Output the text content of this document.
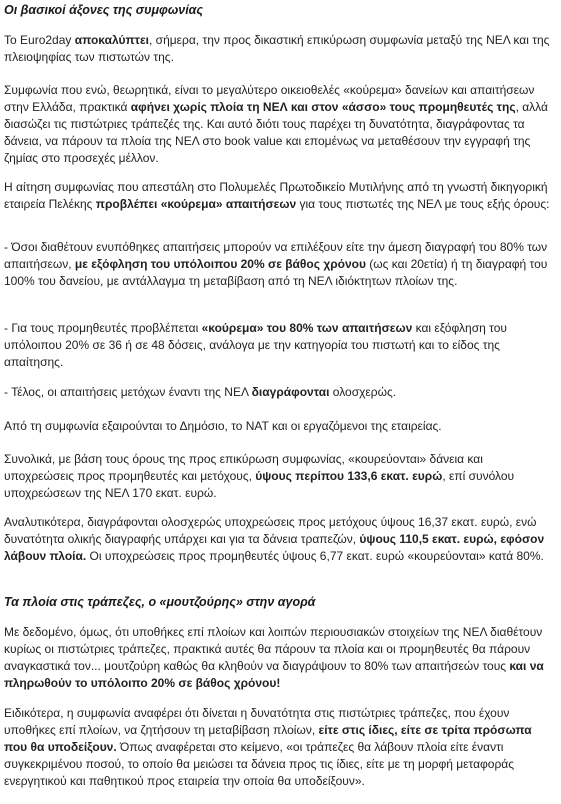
Οι βασικοί άξονες της συμφωνίας

Το Euro2day αποκαλύπτει, σήμερα, την προς δικαστική επικύρωση συμφωνία μεταξύ της ΝΕΛ και της πλειοψηφίας των πιστωτών της.

Συμφωνία που ενώ, θεωρητικά, είναι το μεγαλύτερο οικειοθελές «κούρεμα» δανείων και απαιτήσεων στην Ελλάδα, πρακτικά αφήνει χωρίς πλοία τη ΝΕΛ και στον «άσσο» τους προμηθευτές της, αλλά διασώζει τις πιστώτριες τράπεζές της. Και αυτό διότι τους παρέχει τη δυνατότητα, διαγράφοντας τα δάνεια, να πάρουν τα πλοία της ΝΕΛ στο book value και επομένως να μεταθέσουν την εγγραφή της ζημίας στο προσεχές μέλλον.

Η αίτηση συμφωνίας που απεστάλη στο Πολυμελές Πρωτοδικείο Μυτιλήνης από τη γνωστή δικηγορική εταιρεία Πελέκης προβλέπει «κούρεμα» απαιτήσεων για τους πιστωτές της ΝΕΛ με τους εξής όρους:

- Όσοι διαθέτουν ενυπόθηκες απαιτήσεις μπορούν να επιλέξουν είτε την άμεση διαγραφή του 80% των απαιτήσεων, με εξόφληση του υπόλοιπου 20% σε βάθος χρόνου (ως και 20ετία) ή τη διαγραφή του 100% του δανείου, με αντάλλαγμα τη μεταβίβαση από τη ΝΕΛ ιδιόκτητων πλοίων της.

- Για τους προμηθευτές προβλέπεται «κούρεμα» του 80% των απαιτήσεων και εξόφληση του υπόλοιπου 20% σε 36 ή σε 48 δόσεις, ανάλογα με την κατηγορία του πιστωτή και το είδος της απαίτησης.

- Τέλος, οι απαιτήσεις μετόχων έναντι της ΝΕΛ διαγράφονται ολοσχερώς.

Από τη συμφωνία εξαιρούνται το Δημόσιο, το ΝΑΤ και οι εργαζόμενοι της εταιρείας.

Συνολικά, με βάση τους όρους της προς επικύρωση συμφωνίας, «κουρεύονται» δάνεια και υποχρεώσεις προς προμηθευτές και μετόχους, ύψους περίπου 133,6 εκατ. ευρώ, επί συνόλου υποχρεώσεων της ΝΕΛ 170 εκατ. ευρώ.

Αναλυτικότερα, διαγράφονται ολοσχερώς υποχρεώσεις προς μετόχους ύψους 16,37 εκατ. ευρώ, ενώ δυνατότητα ολικής διαγραφής υπάρχει και για τα δάνεια τραπεζών, ύψους 110,5 εκατ. ευρώ, εφόσον λάβουν πλοία. Οι υποχρεώσεις προς προμηθευτές ύψους 6,77 εκατ. ευρώ «κουρεύονται» κατά 80%.

Τα πλοία στις τράπεζες, ο «μουτζούρης» στην αγορά

Με δεδομένο, όμως, ότι υποθήκες επί πλοίων και λοιπών περιουσιακών στοιχείων της ΝΕΛ διαθέτουν κυρίως οι πιστώτριες τράπεζες, πρακτικά αυτές θα πάρουν τα πλοία και οι προμηθευτές θα πάρουν αναγκαστικά τον... μουτζούρη καθώς θα κληθούν να διαγράψουν το 80% των απαιτήσεών τους και να πληρωθούν το υπόλοιπο 20% σε βάθος χρόνου!

Ειδικότερα, η συμφωνία αναφέρει ότι δίνεται η δυνατότητα στις πιστώτριες τράπεζες, που έχουν υποθήκες επί πλοίων, να ζητήσουν τη μεταβίβαση πλοίων, είτε στις ίδιες, είτε σε τρίτα πρόσωπα που θα υποδείξουν. Όπως αναφέρεται στο κείμενο, «οι τράπεζες θα λάβουν πλοία είτε έναντι συγκεκριμένου ποσού, το οποίο θα μειώσει τα δάνεια προς τις ίδιες, είτε με τη μορφή μεταφοράς ενεργητικού και παθητικού προς εταιρεία την οποία θα υποδείξουν».
